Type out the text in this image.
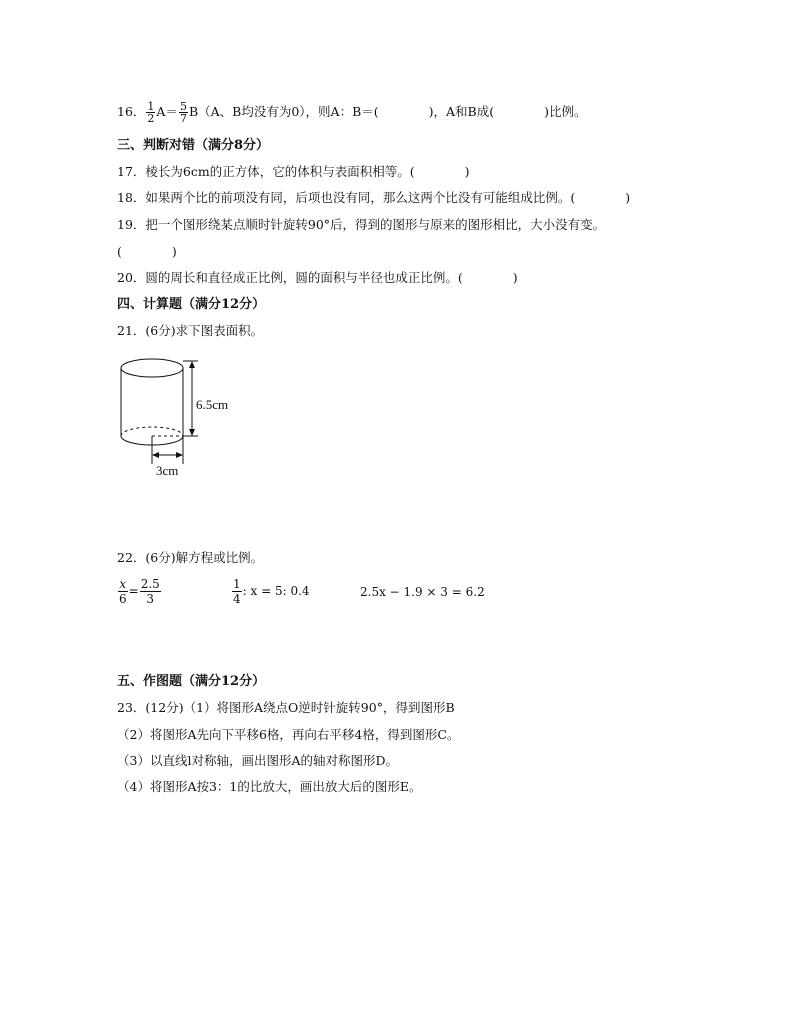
16． $\frac{1}{2} A= \frac{5}{7} B(A$、B均没有为0），则A：B＝(　　　　)，A和B成(　　　　)比例。
三、判断对错（满分8分）
17．棱长为6cm的正方体，它的体积与表面积相等。(　　　　)
18．如果两个比的前项没有同，后项也没有同，那么这两个比没有可能组成比例。(　　　　)
19．把一个图形绕某点顺时针旋转90°后，得到的图形与原来的图形相比，大小没有变。
(　　　　)
20．圆的周长和直径成正比例，圆的面积与半径也成正比例。(　　　　)
四、计算题（满分12分）
21．(6分)求下图表面积。
6.5cm
3cm
22．(6分)解方程或比例。
$\frac{x}{6} = \frac{2.5}{3}$	$\frac{1}{4}$ : x = 5: 0.4	2.5x − 1.9 × 3 = 6.2
五、作图题（满分12分）
23．(12分)（1）将图形A绕点O逆时针旋转90°，得到图形B
（2）将图形A先向下平移6格，再向右平移4格，得到图形C。
（3）以直线l对称轴，画出图形A的轴对称图形D。
（4）将图形A按3：1的比放大，画出放大后的图形E。
